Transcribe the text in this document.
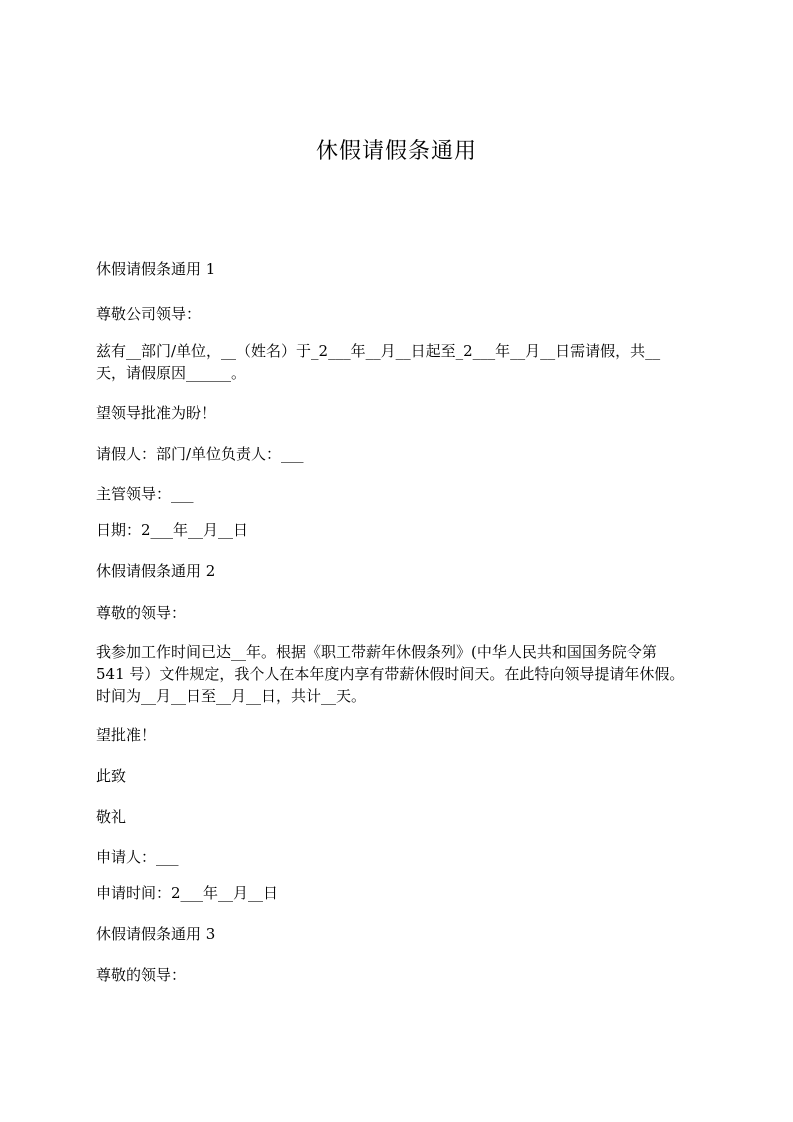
休假请假条通用
休假请假条通用 1
尊敬公司领导：
兹有__部门/单位，__（姓名）于_2___年__月__日起至_2___年__月__日需请假，共__
天，请假原因______。
望领导批准为盼！
请假人：部门/单位负责人：___
主管领导：___
日期：2___年__月__日
休假请假条通用 2
尊敬的领导：
我参加工作时间已达__年。根据《职工带薪年休假条列》(中华人民共和国国务院令第
541 号）文件规定，我个人在本年度内享有带薪休假时间天。在此特向领导提请年休假。
时间为__月__日至__月__日，共计__天。
望批准！
此致
敬礼
申请人：___
申请时间：2___年__月__日
休假请假条通用 3
尊敬的领导：
